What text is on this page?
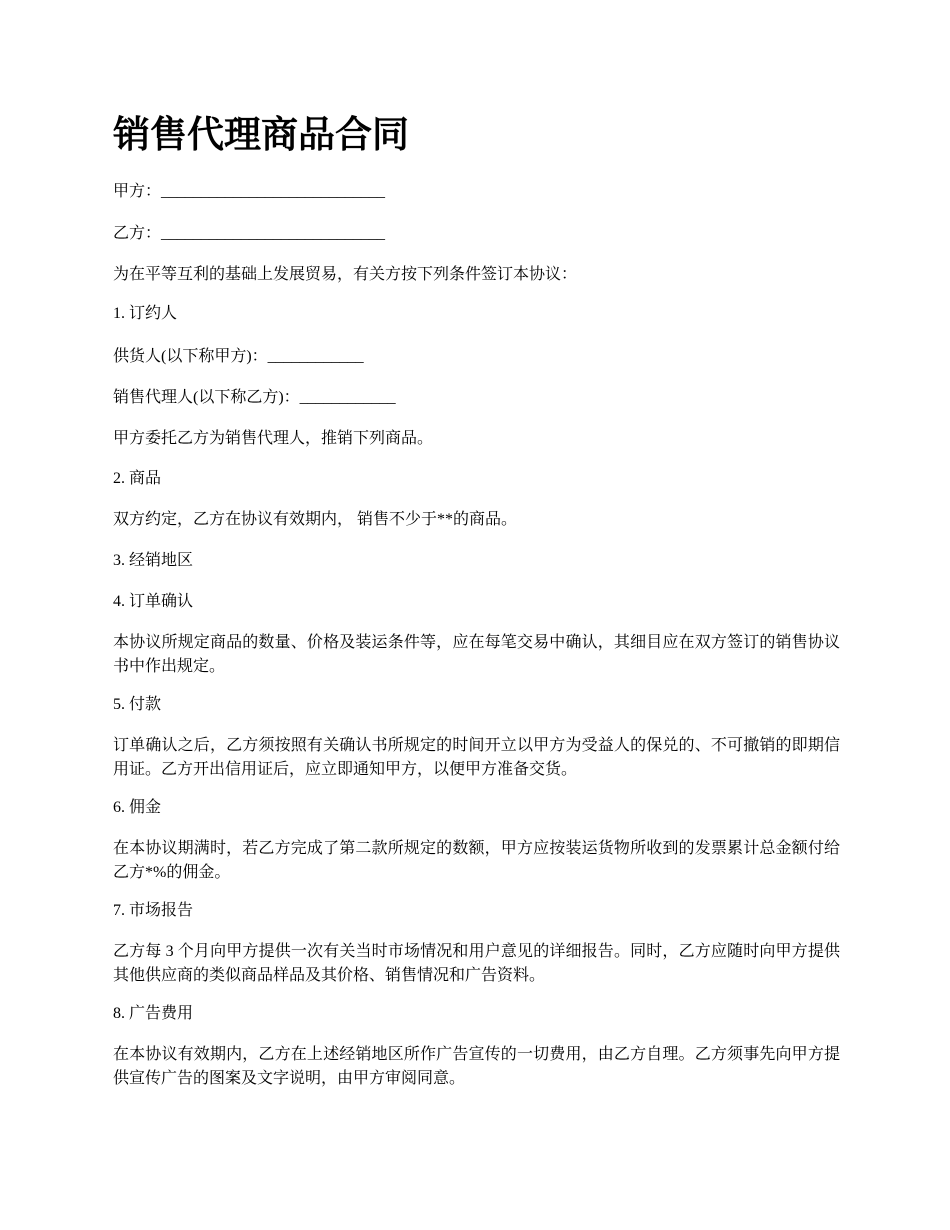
销售代理商品合同

甲方：____________________________

乙方：____________________________

为在平等互利的基础上发展贸易，有关方按下列条件签订本协议：

1. 订约人

供货人(以下称甲方)：____________

销售代理人(以下称乙方)：____________

甲方委托乙方为销售代理人，推销下列商品。

2. 商品

双方约定，乙方在协议有效期内， 销售不少于**的商品。

3. 经销地区

4. 订单确认

本协议所规定商品的数量、价格及装运条件等，应在每笔交易中确认，其细目应在双方签订的销售协议书中作出规定。

5. 付款

订单确认之后，乙方须按照有关确认书所规定的时间开立以甲方为受益人的保兑的、不可撤销的即期信用证。乙方开出信用证后，应立即通知甲方，以便甲方准备交货。

6. 佣金

在本协议期满时，若乙方完成了第二款所规定的数额，甲方应按装运货物所收到的发票累计总金额付给乙方*%的佣金。

7. 市场报告

乙方每 3 个月向甲方提供一次有关当时市场情况和用户意见的详细报告。同时，乙方应随时向甲方提供其他供应商的类似商品样品及其价格、销售情况和广告资料。

8. 广告费用

在本协议有效期内，乙方在上述经销地区所作广告宣传的一切费用，由乙方自理。乙方须事先向甲方提供宣传广告的图案及文字说明，由甲方审阅同意。
